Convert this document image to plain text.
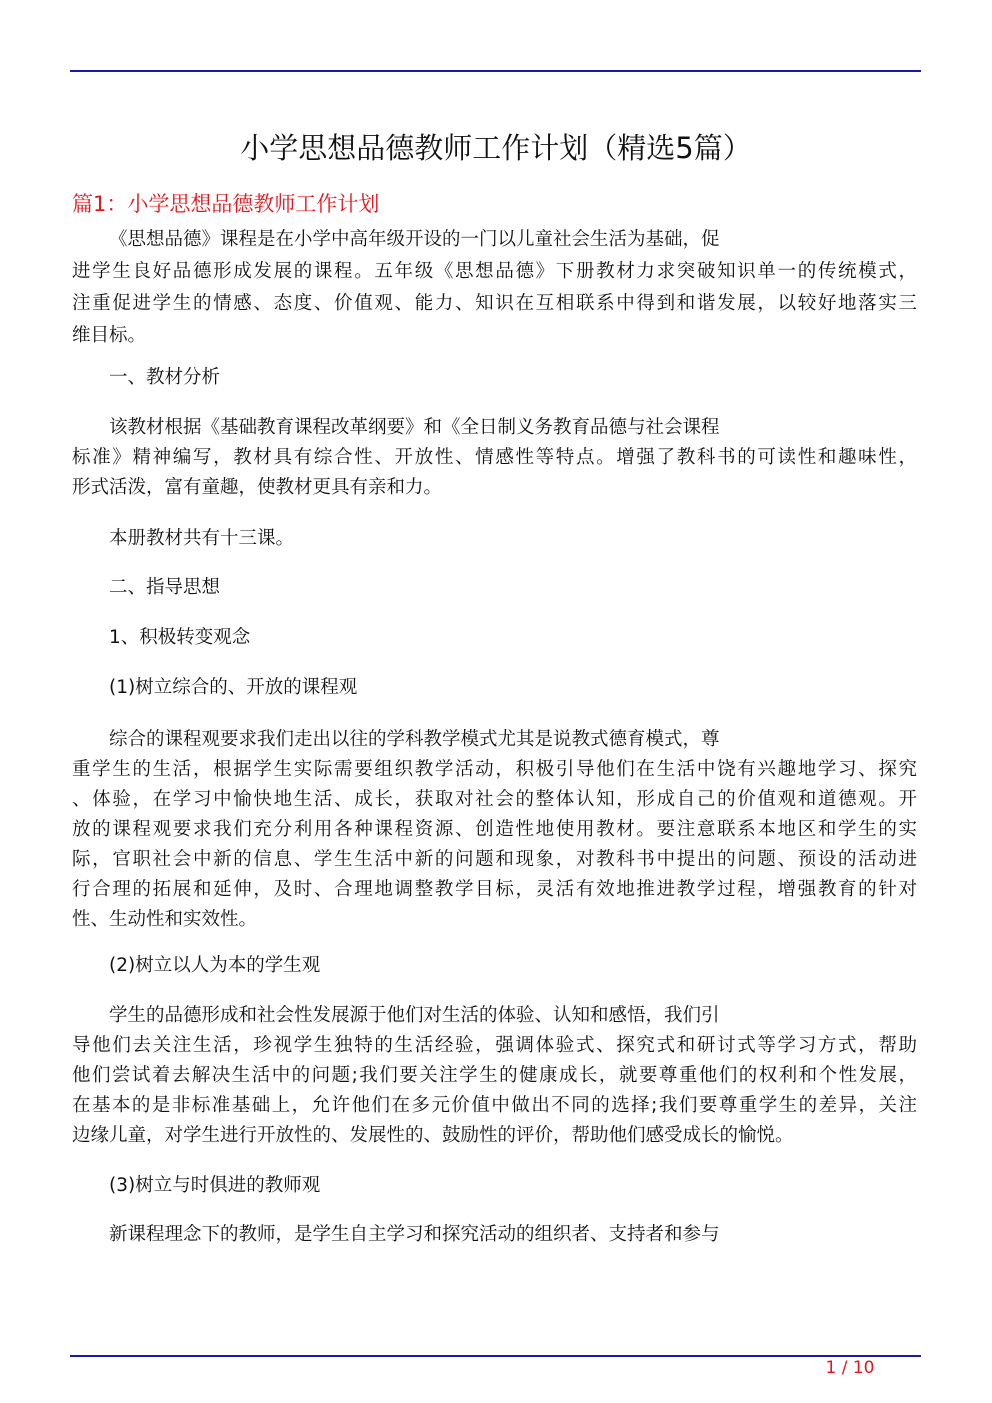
小学思想品德教师工作计划（精选5篇）
篇1：小学思想品德教师工作计划
《思想品德》课程是在小学中高年级开设的一门以儿童社会生活为基础，促
进学生良好品德形成发展的课程。五年级《思想品德》下册教材力求突破知识单一的传统模式，
注重促进学生的情感、态度、价值观、能力、知识在互相联系中得到和谐发展，以较好地落实三
维目标。
一、教材分析
该教材根据《基础教育课程改革纲要》和《全日制义务教育品德与社会课程
标准》精神编写，教材具有综合性、开放性、情感性等特点。增强了教科书的可读性和趣味性，
形式活泼，富有童趣，使教材更具有亲和力。
本册教材共有十三课。
二、指导思想
1、积极转变观念
(1)树立综合的、开放的课程观
综合的课程观要求我们走出以往的学科教学模式尤其是说教式德育模式，尊
重学生的生活，根据学生实际需要组织教学活动，积极引导他们在生活中饶有兴趣地学习、探究
、体验，在学习中愉快地生活、成长，获取对社会的整体认知，形成自己的价值观和道德观。开
放的课程观要求我们充分利用各种课程资源、创造性地使用教材。要注意联系本地区和学生的实
际，官职社会中新的信息、学生生活中新的问题和现象，对教科书中提出的问题、预设的活动进
行合理的拓展和延伸，及时、合理地调整教学目标，灵活有效地推进教学过程，增强教育的针对
性、生动性和实效性。
(2)树立以人为本的学生观
学生的品德形成和社会性发展源于他们对生活的体验、认知和感悟，我们引
导他们去关注生活，珍视学生独特的生活经验，强调体验式、探究式和研讨式等学习方式，帮助
他们尝试着去解决生活中的问题;我们要关注学生的健康成长，就要尊重他们的权利和个性发展，
在基本的是非标准基础上，允许他们在多元价值中做出不同的选择;我们要尊重学生的差异，关注
边缘儿童，对学生进行开放性的、发展性的、鼓励性的评价，帮助他们感受成长的愉悦。
(3)树立与时俱进的教师观
新课程理念下的教师，是学生自主学习和探究活动的组织者、支持者和参与
1 / 10
